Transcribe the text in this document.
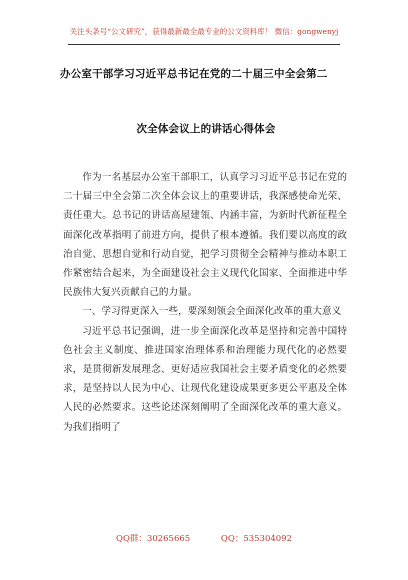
关注头条号“公文研究”，获得最新最全最专业的公文资料库！ 微信：gongwenyj
办公室干部学习习近平总书记在党的二十届三中全会第二
次全体会议上的讲话心得体会

作为一名基层办公室干部职工，认真学习习近平总书记在党的二十届三中全会第二次全体会议上的重要讲话，我深感使命光荣、责任重大。总书记的讲话高屋建瓴、内涵丰富，为新时代新征程全面深化改革指明了前进方向，提供了根本遵循。我们要以高度的政治自觉、思想自觉和行动自觉，把学习贯彻全会精神与推动本职工作紧密结合起来，为全面建设社会主义现代化国家、全面推进中华民族伟大复兴贡献自己的力量。

一、学习得更深入一些，要深刻领会全面深化改革的重大意义

习近平总书记强调，进一步全面深化改革是坚持和完善中国特色社会主义制度、推进国家治理体系和治理能力现代化的必然要求，是贯彻新发展理念、更好适应我国社会主要矛盾变化的必然要求，是坚持以人民为中心、让现代化建设成果更多更公平惠及全体人民的必然要求。这些论述深刻阐明了全面深化改革的重大意义。为我们指明了

QQ群：30265665	QQ：535304092
